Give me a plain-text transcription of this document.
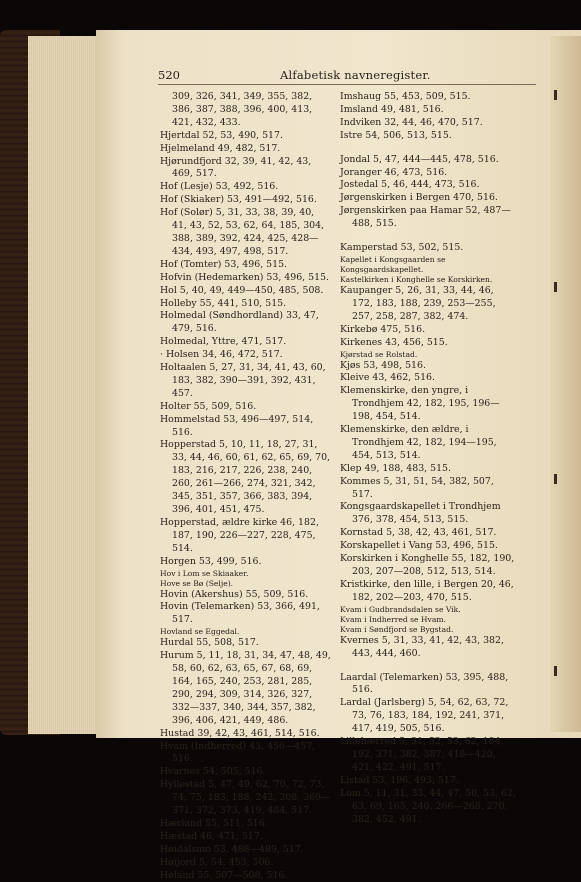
520	Alfabetisk navneregister.
309, 326, 341, 349, 355, 382, 386, 387, 388, 396, 400, 413, 421, 432, 433.
Hjertdal 52, 53, 490, 517.
Hjelmeland 49, 482, 517.
Hjørundfjord 32, 39, 41, 42, 43, 469, 517.
Hof (Lesje) 53, 492, 516.
Hof (Skiaker) 53, 491—492, 516.
Hof (Solør) 5, 31, 33, 38, 39, 40, 41, 43, 52, 53, 62, 64, 185, 304, 388, 389, 392, 424, 425, 428—434, 493, 497, 498, 517.
Hof (Tomter) 53, 496, 515.
Hofvin (Hedemarken) 53, 496, 515.
Hol 5, 40, 49, 449—450, 485, 508.
Holleby 55, 441, 510, 515.
Holmedal (Søndhordland) 33, 47, 479, 516.
Holmedal, Yttre, 471, 517.
· Holsen 34, 46, 472, 517.
Holtaalen 5, 27, 31, 34, 41, 43, 60, 183, 382, 390—391, 392, 431, 457.
Holter 55, 509, 516.
Hommelstad 53, 496—497, 514, 516.
Hopperstad 5, 10, 11, 18, 27, 31, 33, 44, 46, 60, 61, 62, 65, 69, 70, 183, 216, 217, 226, 238, 240, 260, 261—266, 274, 321, 342, 345, 351, 357, 366, 383, 394, 396, 401, 451, 475.
Hopperstad, ældre kirke 46, 182, 187, 190, 226—227, 228, 475, 514.
Horgen 53, 499, 516.
Hov i Lom se Skiaaker.
Hove se Bø (Selje).
Hovin (Akershus) 55, 509, 516.
Hovin (Telemarken) 53, 366, 491, 517.
Hovland se Eggedal.
Hurdal 55, 508, 517.
Hurum 5, 11, 18, 31, 34, 47, 48, 49, 58, 60, 62, 63, 65, 67, 68, 69, 164, 165, 240, 253, 281, 285, 290, 294, 309, 314, 326, 327, 332—337, 340, 344, 357, 382, 396, 406, 421, 449, 486.
Hustad 39, 42, 43, 461, 514, 516.
Hvam (Indherred) 43, 456—457, 516.
Hvarnes 54, 505, 516.
Hyllestad 5, 47, 49, 62, 70, 72, 73, 74, 75, 183, 188, 242, 308, 369—371, 372, 373, 419, 484, 517.
Hærland 55, 511, 516.
Hæstad 46, 471, 517.
Høidalsmo 53, 488—489, 517.
Høijord 5, 54, 453, 506.
Høland 55, 507—508, 516.
Imshaug 55, 453, 509, 515.
Imsland 49, 481, 516.
Indviken 32, 44, 46, 470, 517.
Istre 54, 506, 513, 515.
Jondal 5, 47, 444—445, 478, 516.
Joranger 46, 473, 516.
Jostedal 5, 46, 444, 473, 516.
Jørgenskirken i Bergen 470, 516.
Jørgenskirken paa Hamar 52, 487—488, 515.
Kamperstad 53, 502, 515.
Kapellet i Kongsgaarden se Kongsgaardskapellet.
Kastelkirken i Konghelle se Korskirken.
Kaupanger 5, 26, 31, 33, 44, 46, 172, 183, 188, 239, 253—255, 257, 258, 287, 382, 474.
Kirkebø 475, 516.
Kirkenes 43, 456, 515.
Kjørstad se Rolstad.
Kjøs 53, 498, 516.
Kleive 43, 462, 516.
Klemenskirke, den yngre, i Trondhjem 42, 182, 195, 196—198, 454, 514.
Klemenskirke, den ældre, i Trondhjem 42, 182, 194—195, 454, 513, 514.
Klep 49, 188, 483, 515.
Kommes 5, 31, 51, 54, 382, 507, 517.
Kongsgaardskapellet i Trondhjem 376, 378, 454, 513, 515.
Kornstad 5, 38, 42, 43, 461, 517.
Korskapellet i Vang 53, 496, 515.
Korskirken i Konghelle 55, 182, 190, 203, 207—208, 512, 513, 514.
Kristkirke, den lille, i Bergen 20, 46, 182, 202—203, 470, 515.
Kvam i Gudbrandsdalen se Vik.
Kvam i Indherred se Hvam.
Kvam i Søndfjord se Bygstad.
Kvernes 5, 31, 33, 41, 42, 43, 382, 443, 444, 460.
Laardal (Telemarken) 53, 395, 488, 516.
Lardal (Jarlsberg) 5, 54, 62, 63, 72, 73, 76, 183, 184, 192, 241, 371, 417, 419, 505, 516.
Lillehærred 5, 31, 52, 53, 62, 184, 192, 371, 382, 387, 418—420, 421, 422, 491, 517.
Listad 53, 196, 493, 517.
Lom 5, 11, 31, 33, 44, 47, 50, 53, 62, 63, 69, 165, 240, 266—268, 270, 382, 452, 491.
